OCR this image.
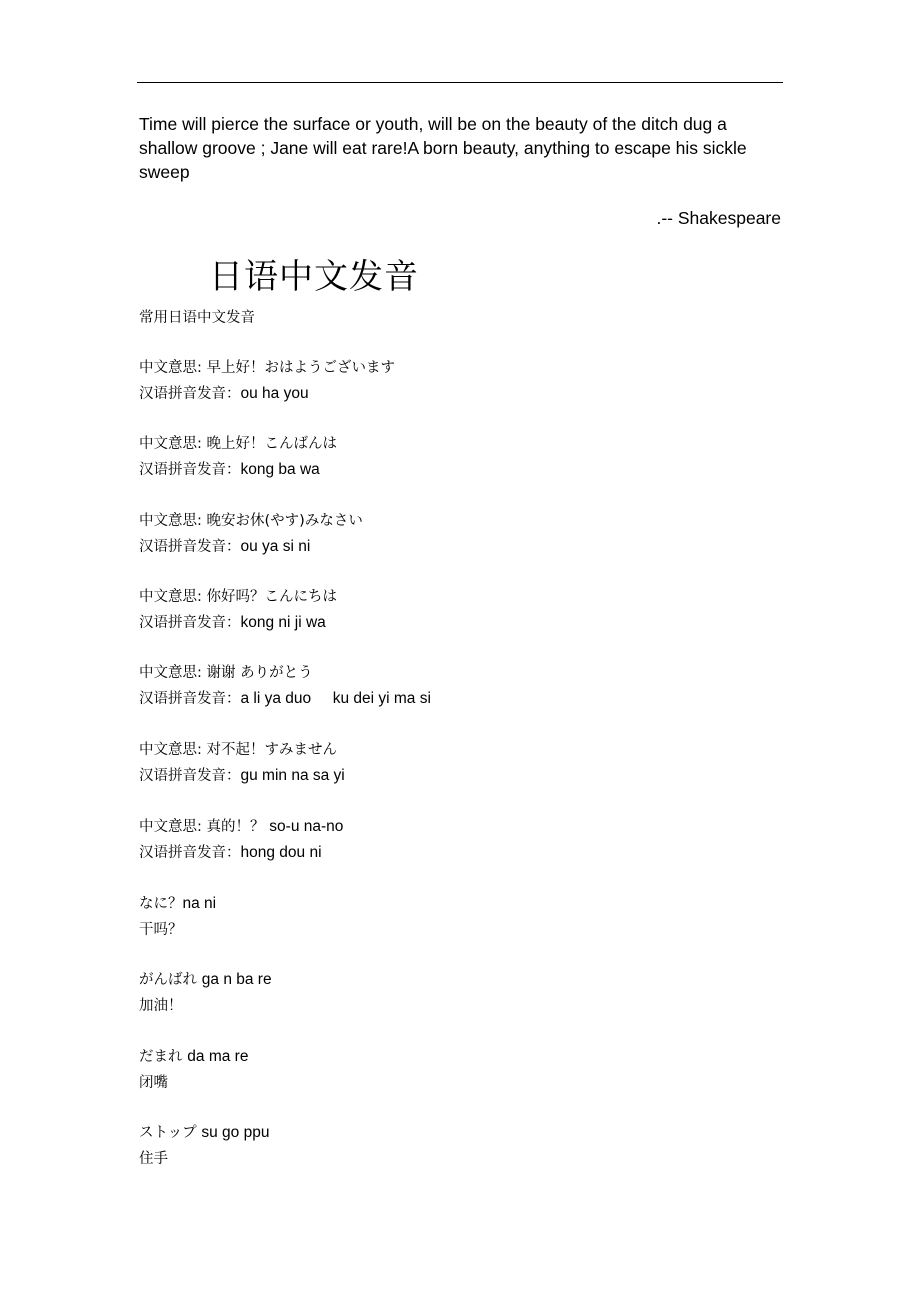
Time will pierce the surface or youth, will be on the beauty of the ditch dug a shallow groove ; Jane will eat rare!A born beauty, anything to escape his sickle sweep
.-- Shakespeare
日语中文发音
常用日语中文发音
中文意思: 早上好！おはようございます
汉语拼音发音：ou ha you
中文意思: 晚上好！こんばんは
汉语拼音发音：kong ba wa
中文意思: 晚安お休(やす)みなさい
汉语拼音发音：ou ya si ni
中文意思: 你好吗？こんにちは
汉语拼音发音：kong ni ji wa
中文意思: 谢谢 ありがとう
汉语拼音发音：a li ya duo     ku dei yi ma si
中文意思: 对不起！すみません
汉语拼音发音：gu min na sa yi
中文意思: 真的！？ so-u na-no
汉语拼音发音：hong dou ni
なに？na ni
干吗？
がんばれ ga n ba re
加油！
だまれ da ma re
闭嘴
ストップ su go ppu
住手
